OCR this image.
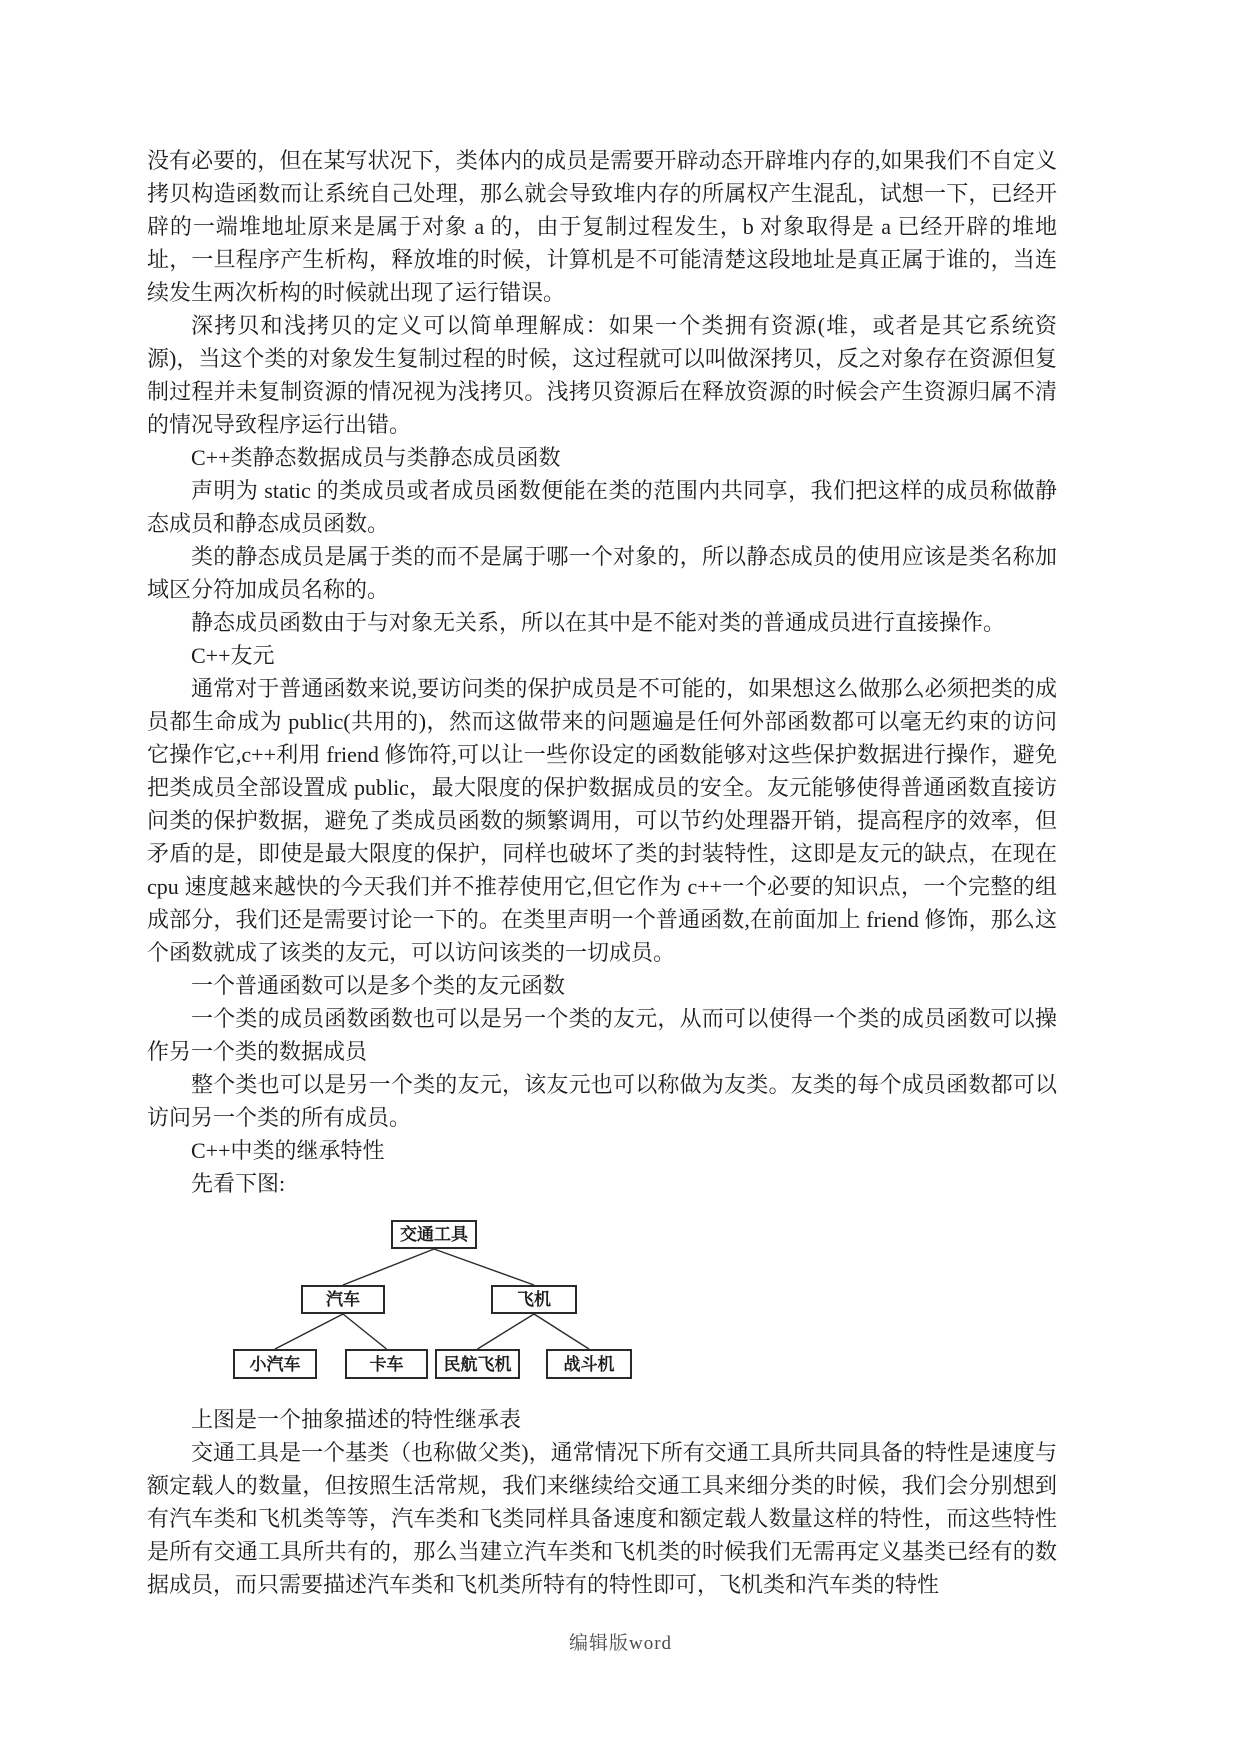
没有必要的，但在某写状况下，类体内的成员是需要开辟动态开辟堆内存的,如果我们不自定义拷贝构造函数而让系统自己处理，那么就会导致堆内存的所属权产生混乱，试想一下，已经开辟的一端堆地址原来是属于对象 a 的，由于复制过程发生，b 对象取得是 a 已经开辟的堆地址，一旦程序产生析构，释放堆的时候，计算机是不可能清楚这段地址是真正属于谁的，当连续发生两次析构的时候就出现了运行错误。

深拷贝和浅拷贝的定义可以简单理解成：如果一个类拥有资源(堆，或者是其它系统资源)，当这个类的对象发生复制过程的时候，这过程就可以叫做深拷贝，反之对象存在资源但复制过程并未复制资源的情况视为浅拷贝。浅拷贝资源后在释放资源的时候会产生资源归属不清的情况导致程序运行出错。

C++类静态数据成员与类静态成员函数

声明为 static 的类成员或者成员函数便能在类的范围内共同享，我们把这样的成员称做静态成员和静态成员函数。

类的静态成员是属于类的而不是属于哪一个对象的，所以静态成员的使用应该是类名称加域区分符加成员名称的。

静态成员函数由于与对象无关系，所以在其中是不能对类的普通成员进行直接操作。

C++友元

通常对于普通函数来说,要访问类的保护成员是不可能的，如果想这么做那么必须把类的成员都生命成为 public(共用的)，然而这做带来的问题遍是任何外部函数都可以毫无约束的访问它操作它,c++利用 friend 修饰符,可以让一些你设定的函数能够对这些保护数据进行操作，避免把类成员全部设置成 public，最大限度的保护数据成员的安全。友元能够使得普通函数直接访问类的保护数据，避免了类成员函数的频繁调用，可以节约处理器开销，提高程序的效率，但矛盾的是，即使是最大限度的保护，同样也破坏了类的封装特性，这即是友元的缺点，在现在 cpu 速度越来越快的今天我们并不推荐使用它,但它作为 c++一个必要的知识点，一个完整的组成部分，我们还是需要讨论一下的。在类里声明一个普通函数,在前面加上 friend 修饰，那么这个函数就成了该类的友元，可以访问该类的一切成员。

一个普通函数可以是多个类的友元函数

一个类的成员函数函数也可以是另一个类的友元，从而可以使得一个类的成员函数可以操作另一个类的数据成员

整个类也可以是另一个类的友元，该友元也可以称做为友类。友类的每个成员函数都可以访问另一个类的所有成员。

C++中类的继承特性

先看下图:

交通工具
汽车	飞机
小汽车	卡车	民航飞机	战斗机

上图是一个抽象描述的特性继承表

交通工具是一个基类（也称做父类)，通常情况下所有交通工具所共同具备的特性是速度与额定载人的数量，但按照生活常规，我们来继续给交通工具来细分类的时候，我们会分别想到有汽车类和飞机类等等，汽车类和飞类同样具备速度和额定载人数量这样的特性，而这些特性是所有交通工具所共有的，那么当建立汽车类和飞机类的时候我们无需再定义基类已经有的数据成员，而只需要描述汽车类和飞机类所特有的特性即可，飞机类和汽车类的特性

编辑版word
